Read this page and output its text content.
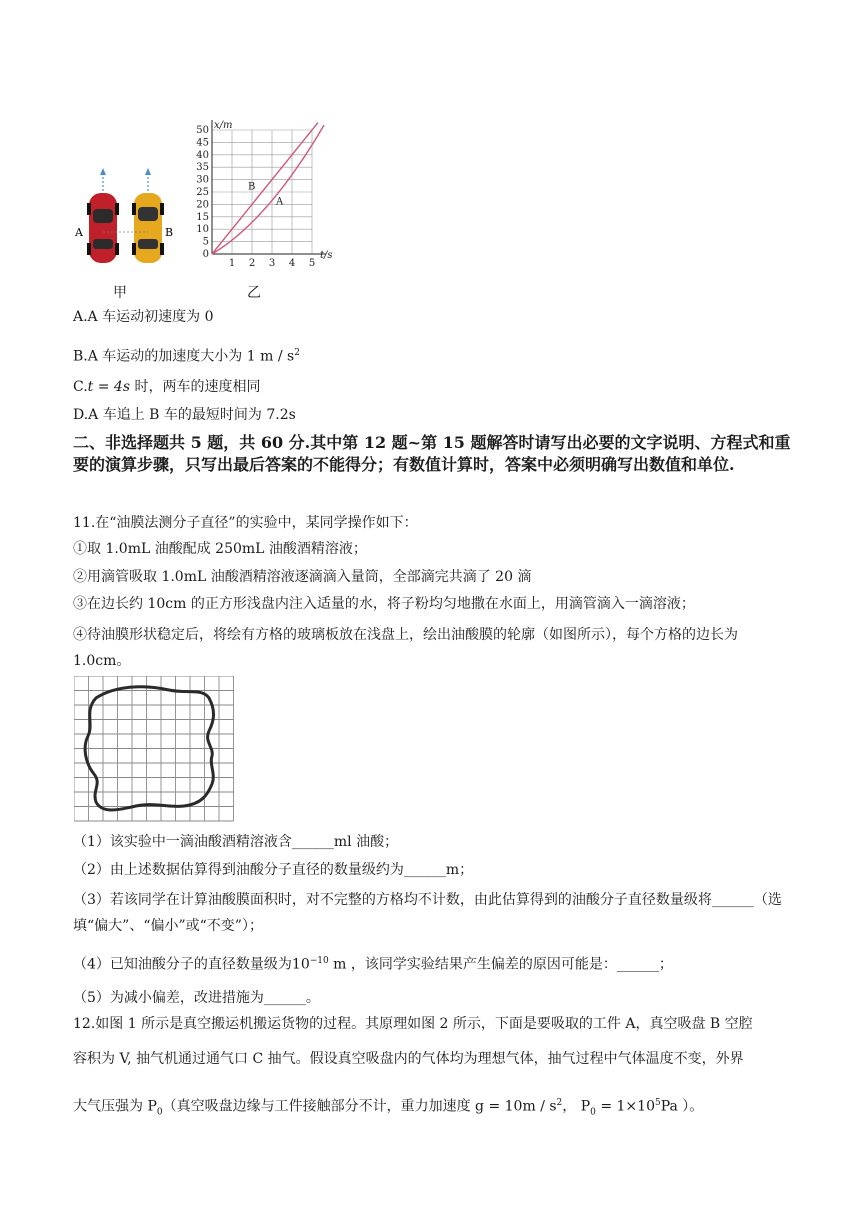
A	B
甲
50
45
40
35
30
25
20
15
10
5
0
1 2 3 4 5
x/m
t/s
B
A
乙
A.A 车运动初速度为 0
B.A 车运动的加速度大小为 1 m / $s^2$
C.t = 4s 时，两车的速度相同
D.A 车追上 B 车的最短时间为 7.2s
二、非选择题共 5 题，共 60 分.其中第 12 题~第 15 题解答时请写出必要的文字说明、方程式和重要的演算步骤，只写出最后答案的不能得分；有数值计算时，答案中必须明确写出数值和单位.
11.在“油膜法测分子直径”的实验中，某同学操作如下：
①取 1.0mL 油酸配成 250mL 油酸酒精溶液；
②用滴管吸取 1.0mL 油酸酒精溶液逐滴滴入量筒，全部滴完共滴了 20 滴
③在边长约 10cm 的正方形浅盘内注入适量的水，将子粉均匀地撒在水面上，用滴管滴入一滴溶液；
④待油膜形状稳定后，将绘有方格的玻璃板放在浅盘上，绘出油酸膜的轮廓（如图所示），每个方格的边长为 1.0cm。
（1）该实验中一滴油酸酒精溶液含______ml 油酸；
（2）由上述数据估算得到油酸分子直径的数量级约为______m；
（3）若该同学在计算油酸膜面积时，对不完整的方格均不计数，由此估算得到的油酸分子直径数量级将______（选填“偏大”、“偏小”或“不变”）；
（4）已知油酸分子的直径数量级为$10^{-10}$ m ，该同学实验结果产生偏差的原因可能是：______；
（5）为减小偏差，改进措施为______。
12.如图 1 所示是真空搬运机搬运货物的过程。其原理如图 2 所示，下面是要吸取的工件 A，真空吸盘 B 空腔
容积为 V, 抽气机通过通气口 C 抽气。假设真空吸盘内的气体均为理想气体，抽气过程中气体温度不变，外界
大气压强为 $P_0$（真空吸盘边缘与工件接触部分不计，重力加速度 $g = 10m / s^2$， $P_0 = 1\times 10^5Pa$ ）。
